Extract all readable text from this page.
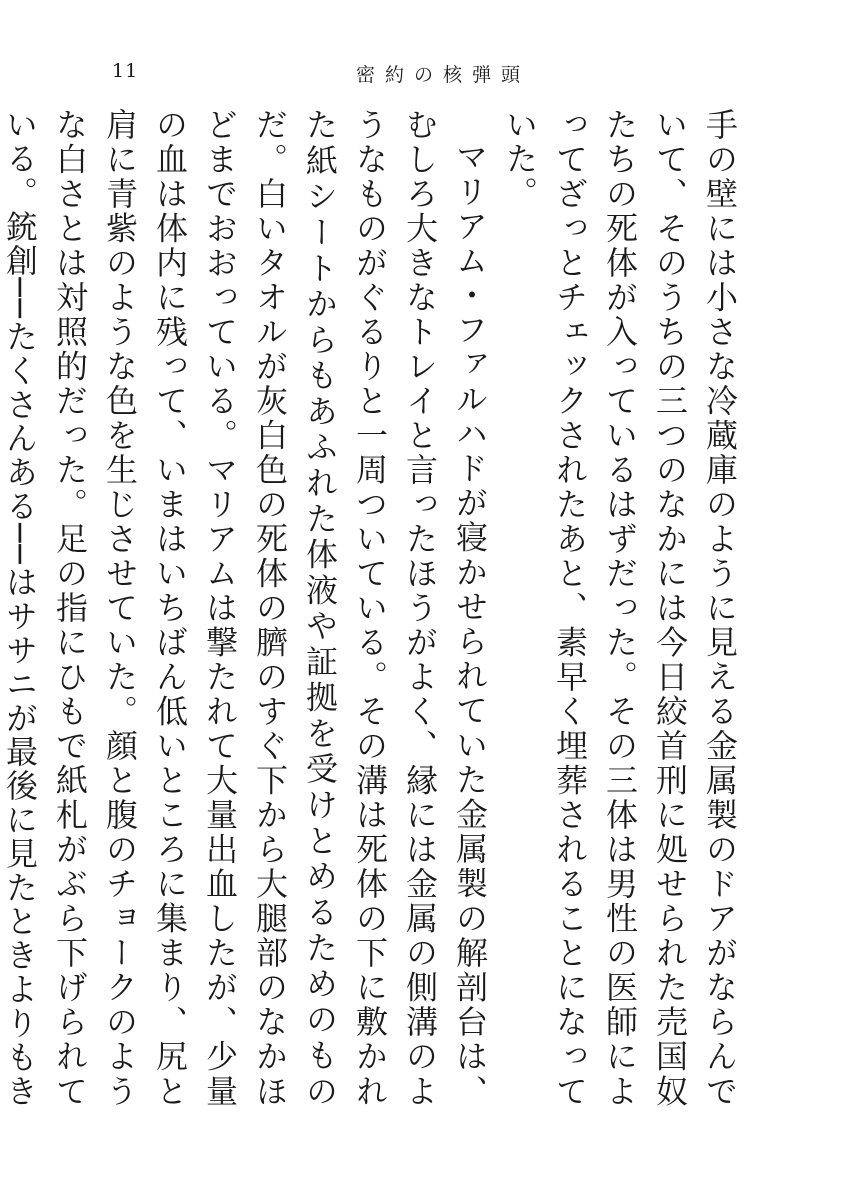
11	密約の核弾頭

手の壁には小さな冷蔵庫のように見える金属製のドアがならんでいて、そのうちの三つのなかには今日絞首刑に処せられた売国奴たちの死体が入っているはずだった。その三体は男性の医師によってざっとチェックされたあと、素早く埋葬されることになっていた。

マリアム・ファルハドが寝かせられていた金属製の解剖台は、むしろ大きなトレイと言ったほうがよく、縁には金属の側溝のようなものがぐるりと一周ついている。その溝は死体の下に敷かれた紙シートからもあふれた体液や証拠を受けとめるためのものだ。白いタオルが灰白色の死体の臍のすぐ下から大腿部のなかほどまでおおっている。マリアムは撃たれて大量出血したが、少量の血は体内に残って、いまはいちばん低いところに集まり、尻と肩に青紫のような色を生じさせていた。顔と腹のチョークのような白さとは対照的だった。足の指にひもで紙札がぶら下げられている。銃創──たくさんある──はササニが最後に見たときよりもき
